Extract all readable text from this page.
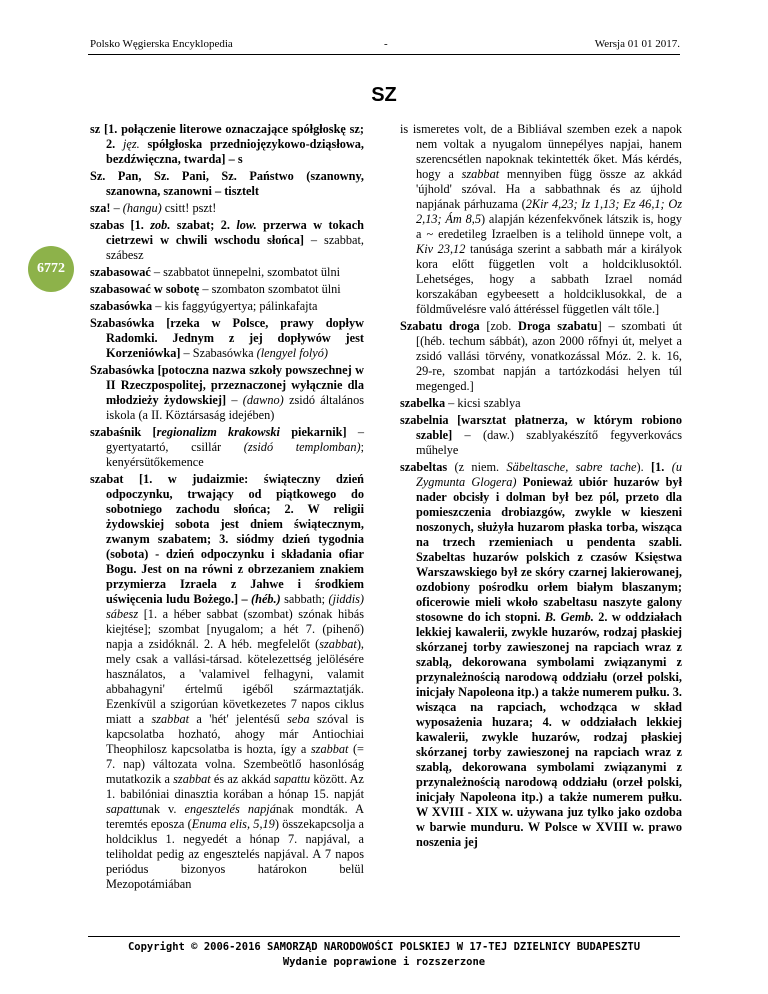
Polsko Węgierska Encyklopedia	-	Wersja 01 01 2017.
SZ
6772

sz [1. połączenie literowe oznaczające spółgłoskę sz; 2. jęz. spółgłoska przedniojęzykowo-dziąsłowa, bezdźwięczna, twarda] – s

Sz. Pan, Sz. Pani, Sz. Państwo (szanowny, szanowna, szanowni – tisztelt

sza! – (hangu) csitt! pszt!

szabas [1. zob. szabat; 2. low. przerwa w tokach cietrzewi w chwili wschodu słońca] – szabbat, szábesz

szabasować – szabbatot ünnepelni, szombatot ülni

szabasować w sobotę – szombaton szombatot ülni

szabasówka – kis faggyúgyertya; pálinkafajta

Szabasówka [rzeka w Polsce, prawy dopływ Radomki. Jednym z jej dopływów jest Korzeniówka] – Szabasówka (lengyel folyó)

Szabasówka [potoczna nazwa szkoły powszechnej w II Rzeczpospolitej, przeznaczonej wyłącznie dla młodzieży żydowskiej] – (dawno) zsidó általános iskola (a II. Köztársaság idejében)

szabaśnik [regionalizm krakowski piekarnik] – gyertyatartó, csillár (zsidó templomban); kenyérsütőkemence

szabat [1. w judaizmie: świąteczny dzień odpoczynku, trwający od piątkowego do sobotniego zachodu słońca; 2. W religii żydowskiej sobota jest dniem świątecznym, zwanym szabatem; 3. siódmy dzień tygodnia (sobota) - dzień odpoczynku i składania ofiar Bogu. Jest on na równi z obrzezaniem znakiem przymierza Izraela z Jahwe i środkiem uświęcenia ludu Bożego.] – (héb.) sabbath; (jiddis) sábesz [1. a héber sabbat (szombat) szónak hibás kiejtése]; szombat [nyugalom; a hét 7. (pihenő) napja a zsidóknál. 2. A héb. megfelelőt (szabbat), mely csak a vallási-társad. kötelezettség jelölésére használatos, a 'valamivel felhagyni, valamit abbahagyni' értelmű igéből származtatják. Ezenkívül a szigorúan következetes 7 napos ciklus miatt a szabbat a 'hét' jelentésű seba szóval is kapcsolatba hozható, ahogy már Antiochiai Theophilosz kapcsolatba is hozta, így a szabbat (= 7. nap) változata volna. Szembeötlő hasonlóság mutatkozik a szabbat és az akkád sapattu között. Az 1. babilóniai dinasztia korában a hónap 15. napját sapattunak v. engesztelés napjának mondták. A teremtés eposza (Enuma elis, 5,19) összekapcsolja a holdciklus 1. negyedét a hónap 7. napjával, a teliholdat pedig az engesztelés napjával. A 7 napos periódus bizonyos határokon belül Mezopotámiában

is ismeretes volt, de a Bibliával szemben ezek a napok nem voltak a nyugalom ünnepélyes napjai, hanem szerencsétlen napoknak tekintették őket. Más kérdés, hogy a szabbat mennyiben függ össze az akkád 'újhold' szóval. Ha a sabbathnak és az újhold napjának párhuzama (2Kir 4,23; Iz 1,13; Ez 46,1; Oz 2,13; Ám 8,5) alapján kézenfekvőnek látszik is, hogy a ~ eredetileg Izraelben is a telihold ünnepe volt, a Kiv 23,12 tanúsága szerint a sabbath már a királyok kora előtt független volt a holdciklusoktól. Lehetséges, hogy a sabbath Izrael nomád korszakában egybeesett a holdciklusokkal, de a földművelésre való áttéréssel független vált tőle.]

Szabatu droga [zob. Droga szabatu] – szombati út [(héb. techum sábbát), azon 2000 rőfnyi út, melyet a zsidó vallási törvény, vonatkozással Móz. 2. k. 16, 29-re, szombat napján a tartózkodási helyen túl megenged.]

szabelka – kicsi szablya

szabelnia [warsztat płatnerza, w którym robiono szable] – (daw.) szablyakészítő fegyverkovács műhelye

szabeltas (z niem. Säbeltasche, sabre tache). [1. (u Zygmunta Glogera) Ponieważ ubiór huzarów był nader obcisły i dolman był bez pól, przeto dla pomieszczenia drobiazgów, zwykle w kieszeni noszonych, służyła huzarom płaska torba, wisząca na trzech rzemieniach u pendenta szabli. Szabeltas huzarów polskich z czasów Księstwa Warszawskiego był ze skóry czarnej lakierowanej, ozdobiony pośrodku orłem białym blaszanym; oficerowie mieli wkoło szabeltasu naszyte galony stosowne do ich stopni. B. Gemb. 2. w oddziałach lekkiej kawalerii, zwykle huzarów, rodzaj płaskiej skórzanej torby zawieszonej na rapciach wraz z szablą, dekorowana symbolami związanymi z przynależnością narodową oddziału (orzeł polski, inicjały Napoleona itp.) a także numerem pułku. 3. wisząca na rapciach, wchodząca w skład wyposażenia huzara; 4. w oddziałach lekkiej kawalerii, zwykle huzarów, rodzaj płaskiej skórzanej torby zawieszonej na rapciach wraz z szablą, dekorowana symbolami związanymi z przynależnością narodową oddziału (orzeł polski, inicjały Napoleona itp.) a także numerem pułku. W XVIII - XIX w. używana juz tylko jako ozdoba w barwie munduru. W Polsce w XVIII w. prawo noszenia jej

Copyright © 2006-2016 SAMORZĄD NARODOWOŚCI POLSKIEJ W 17-TEJ DZIELNICY BUDAPESZTU
Wydanie poprawione i rozszerzone
